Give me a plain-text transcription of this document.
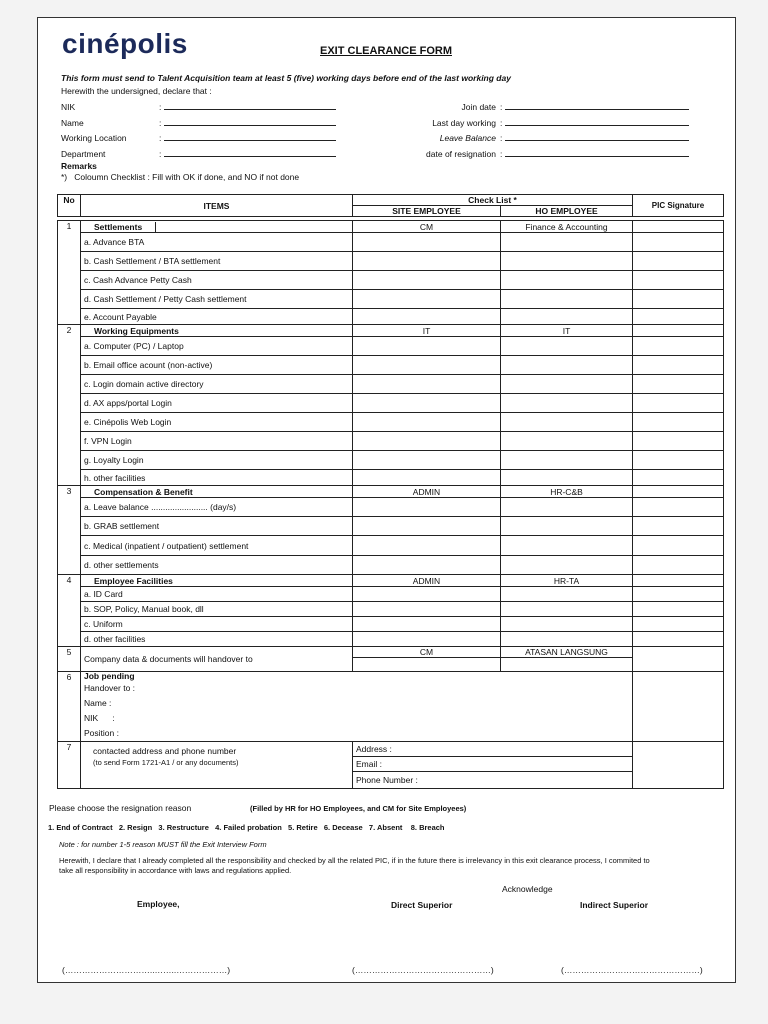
cinépolis	EXIT CLEARANCE FORM
This form must send to Talent Acquisition team at least 5 (five) working days before end of the last working day
Herewith the undersigned, declare that :
NIK	:
Name	:
Working Location	:
Department	:
Join date :
Last day working :
Leave Balance :
date of resignation :
Remarks
*) Coloumn Checklist : Fill with OK if done, and NO if not done
No	ITEMS	Check List *		PIC Signature
		SITE EMPLOYEE	HO EMPLOYEE	

1	Settlements	CM	Finance & Accounting	
	a. Advance BTA			
	b. Cash Settlement / BTA settlement			
	c. Cash Advance Petty Cash			
	d. Cash Settlement / Petty Cash settlement			
	e. Account Payable			
2	Working Equipments	IT	IT	
	a. Computer (PC) / Laptop			
	b. Email office acount (non-active)			
	c. Login domain active directory			
	d. AX apps/portal Login			
	e. Cinépolis Web Login			
	f. VPN Login			
	g. Loyalty Login			
	h. other facilities			
3	Compensation & Benefit	ADMIN	HR-C&B	
	a. Leave balance ........................ (day/s)			
	b. GRAB settlement			
	c. Medical (inpatient / outpatient) settlement			
	d. other settlements			
4	Employee Facilities	ADMIN	HR-TA	
	a. ID Card			
	b. SOP, Policy, Manual book, dll			
	c. Uniform			
	d. other facilities			
5	Company data & documents will handover to	CM	ATASAN LANGSUNG	

6	Job pending
Handover to :
Name :
NIK      :
Position :			

7	contacted address and phone number
(to send Form 1721-A1 / or any documents)	Address :		
		Email :		
		Phone Number :		
Please choose the resignation reason	(Filled by HR for HO Employees, and CM for Site Employees)
1. End of Contract   2. Resign   3. Restructure   4. Failed probation   5. Retire   6. Decease   7. Absent    8. Breach
Note : for number 1-5 reason MUST fill the Exit Interview Form
Herewith, I declare that I already completed all the responsibility and checked by all the related PIC, if in the future there is irrelevancy in this exit clearance process, I commited to
take all responsibility in accordance with laws and regulations applied.
Acknowledge
Employee,	Direct Superior	Indirect Superior
(…………………………..……..………………)	(…………………………………………)	(…………………………………………)
